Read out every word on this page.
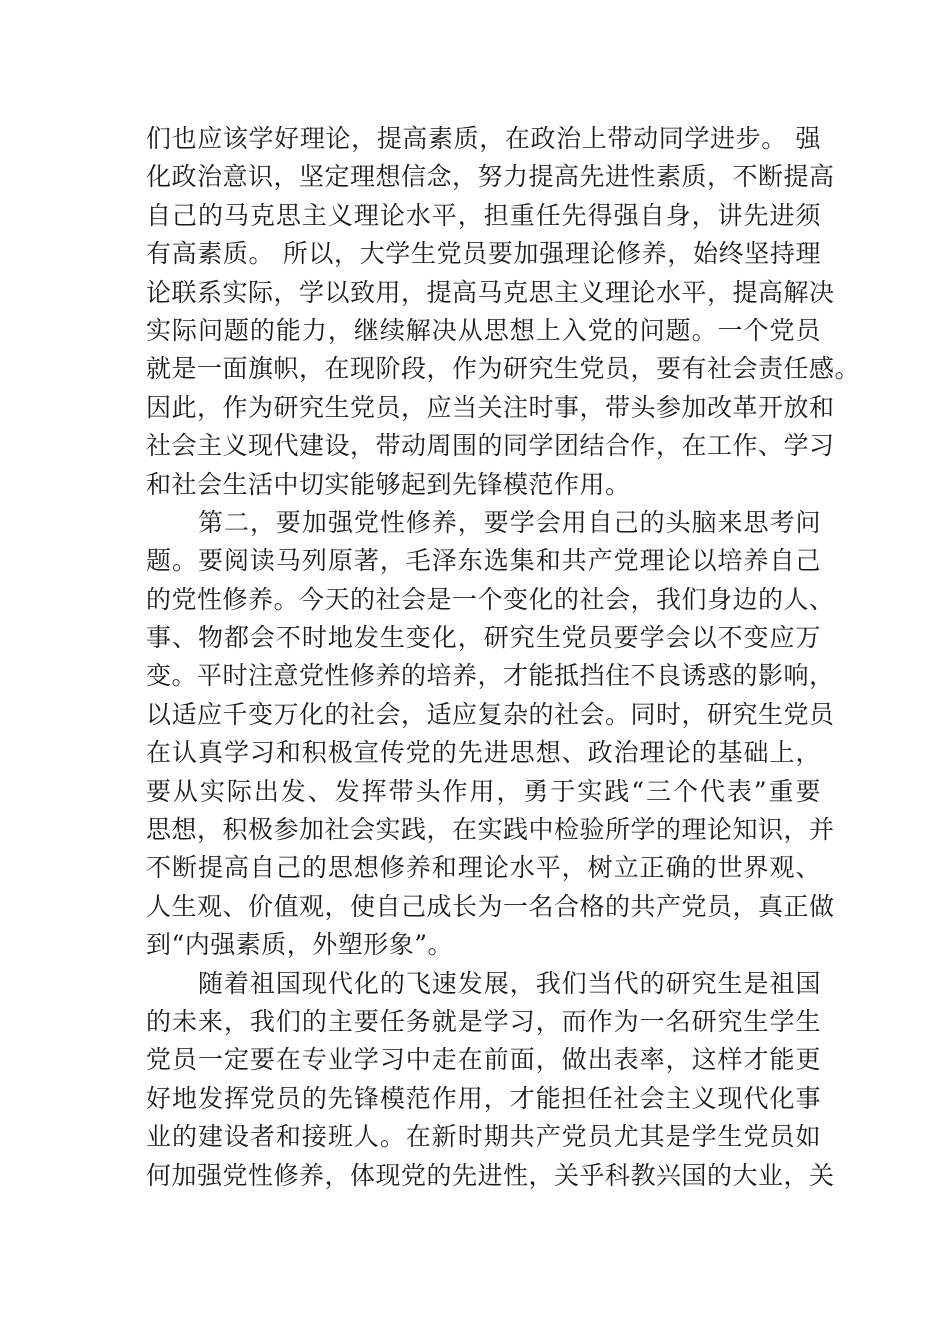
们也应该学好理论，提高素质，在政治上带动同学进步。 强
化政治意识，坚定理想信念，努力提高先进性素质，不断提高
自己的马克思主义理论水平，担重任先得强自身，讲先进须
有高素质。 所以，大学生党员要加强理论修养，始终坚持理
论联系实际，学以致用，提高马克思主义理论水平，提高解决
实际问题的能力，继续解决从思想上入党的问题。一个党员
就是一面旗帜，在现阶段，作为研究生党员，要有社会责任感。
因此，作为研究生党员，应当关注时事，带头参加改革开放和
社会主义现代建设，带动周围的同学团结合作，在工作、学习
和社会生活中切实能够起到先锋模范作用。
第二，要加强党性修养，要学会用自己的头脑来思考问
题。要阅读马列原著，毛泽东选集和共产党理论以培养自己
的党性修养。今天的社会是一个变化的社会，我们身边的人、
事、物都会不时地发生变化，研究生党员要学会以不变应万
变。平时注意党性修养的培养，才能抵挡住不良诱惑的影响，
以适应千变万化的社会，适应复杂的社会。同时，研究生党员
在认真学习和积极宣传党的先进思想、政治理论的基础上，
要从实际出发、发挥带头作用，勇于实践“三个代表”重要
思想，积极参加社会实践，在实践中检验所学的理论知识，并
不断提高自己的思想修养和理论水平，树立正确的世界观、
人生观、价值观，使自己成长为一名合格的共产党员，真正做
到“内强素质，外塑形象”。
随着祖国现代化的飞速发展，我们当代的研究生是祖国
的未来，我们的主要任务就是学习，而作为一名研究生学生
党员一定要在专业学习中走在前面，做出表率，这样才能更
好地发挥党员的先锋模范作用，才能担任社会主义现代化事
业的建设者和接班人。在新时期共产党员尤其是学生党员如
何加强党性修养，体现党的先进性，关乎科教兴国的大业，关
